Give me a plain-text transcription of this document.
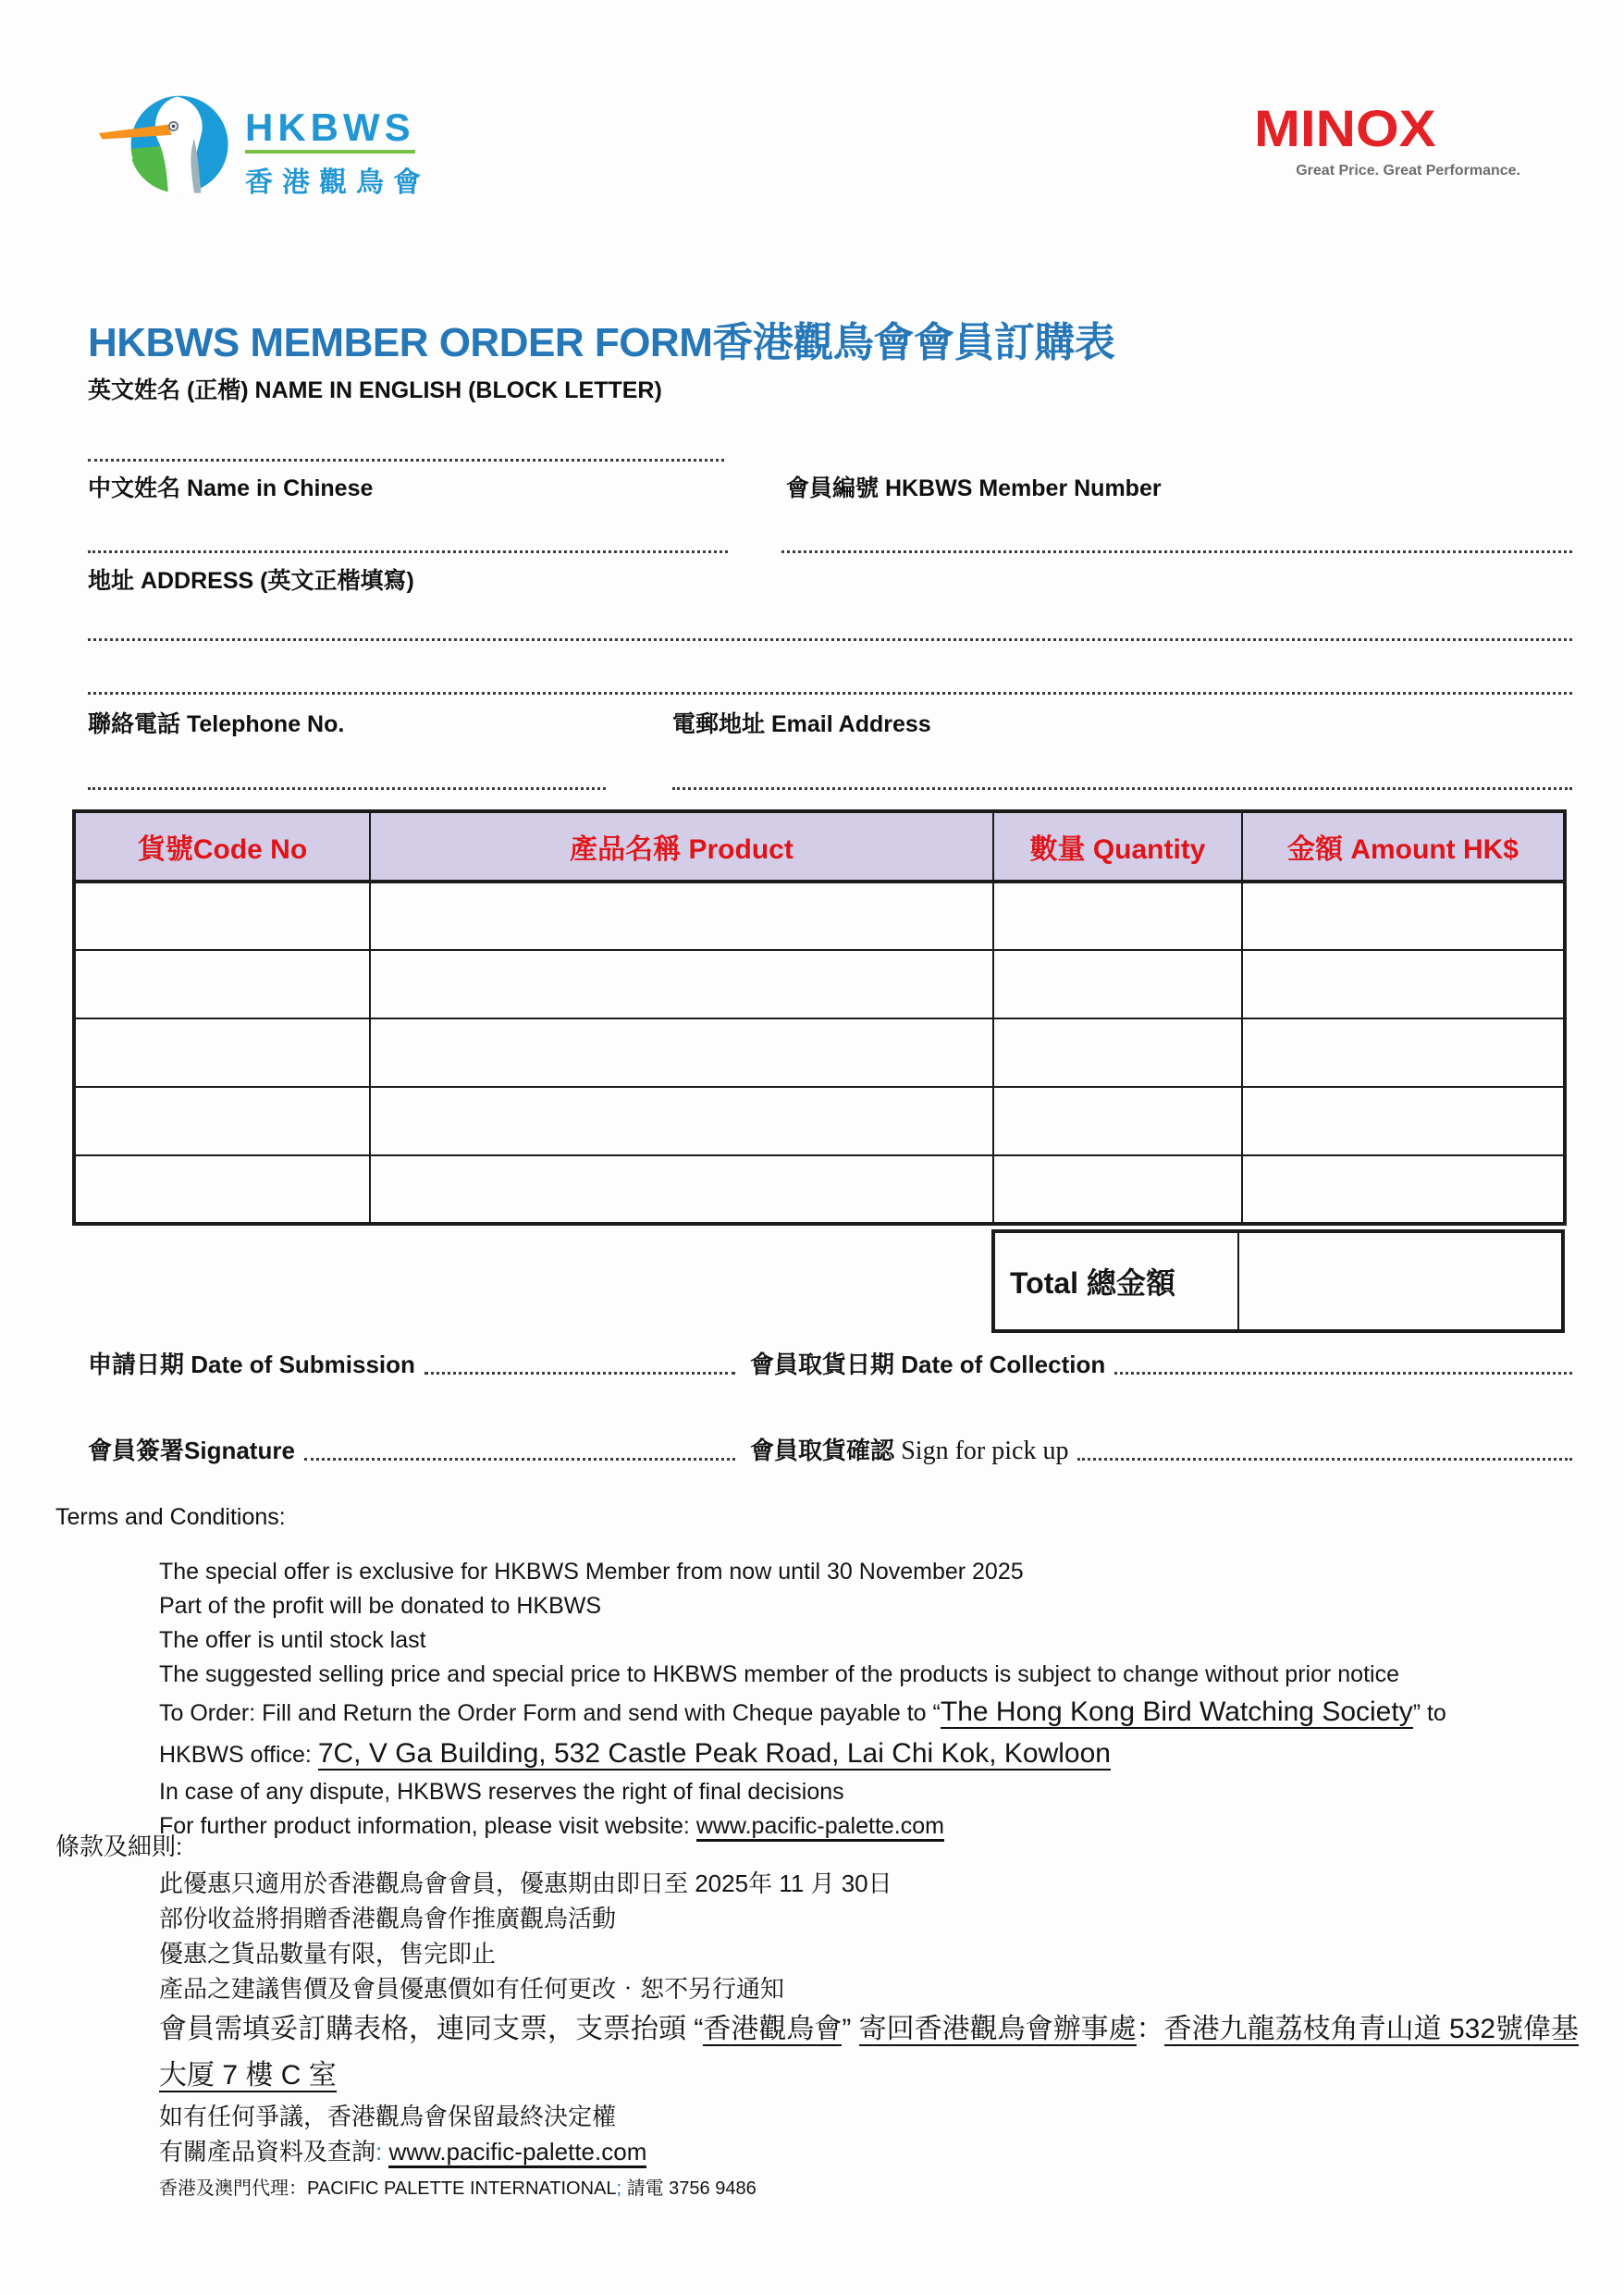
HKBWS
香港觀鳥會
MINOX
Great Price. Great Performance.
HKBWS MEMBER ORDER FORM香港觀鳥會會員訂購表
英文姓名 (正楷) NAME IN ENGLISH (BLOCK LETTER)
中文姓名 Name in Chinese	會員編號 HKBWS Member Number
地址 ADDRESS (英文正楷填寫)
聯絡電話 Telephone No.	電郵地址 Email Address
貨號Code No	產品名稱 Product	數量 Quantity	金額 Amount HK$

Total 總金額
申請日期 Date of Submission	會員取貨日期 Date of Collection
會員簽署Signature	會員取貨確認 Sign for pick up
Terms and Conditions:
The special offer is exclusive for HKBWS Member from now until 30 November 2025
Part of the profit will be donated to HKBWS
The offer is until stock last
The suggested selling price and special price to HKBWS member of the products is subject to change without prior notice
To Order: Fill and Return the Order Form and send with Cheque payable to “The Hong Kong Bird Watching Society” to
HKBWS office: 7C, V Ga Building, 532 Castle Peak Road, Lai Chi Kok, Kowloon
In case of any dispute, HKBWS reserves the right of final decisions
For further product information, please visit website: www.pacific-palette.com
條款及細則:
此優惠只適用於香港觀鳥會會員，優惠期由即日至 2025年 11 月 30日
部份收益將捐贈香港觀鳥會作推廣觀鳥活動
優惠之貨品數量有限，售完即止
產品之建議售價及會員優惠價如有任何更改‧恕不另行通知
會員需填妥訂購表格，連同支票，支票抬頭 “香港觀鳥會” 寄回香港觀鳥會辦事處：香港九龍荔枝角青山道 532號偉基大厦 7 樓 C 室
如有任何爭議，香港觀鳥會保留最終決定權
有關產品資料及查詢: www.pacific-palette.com
香港及澳門代理：PACIFIC PALETTE INTERNATIONAL; 請電 3756 9486
